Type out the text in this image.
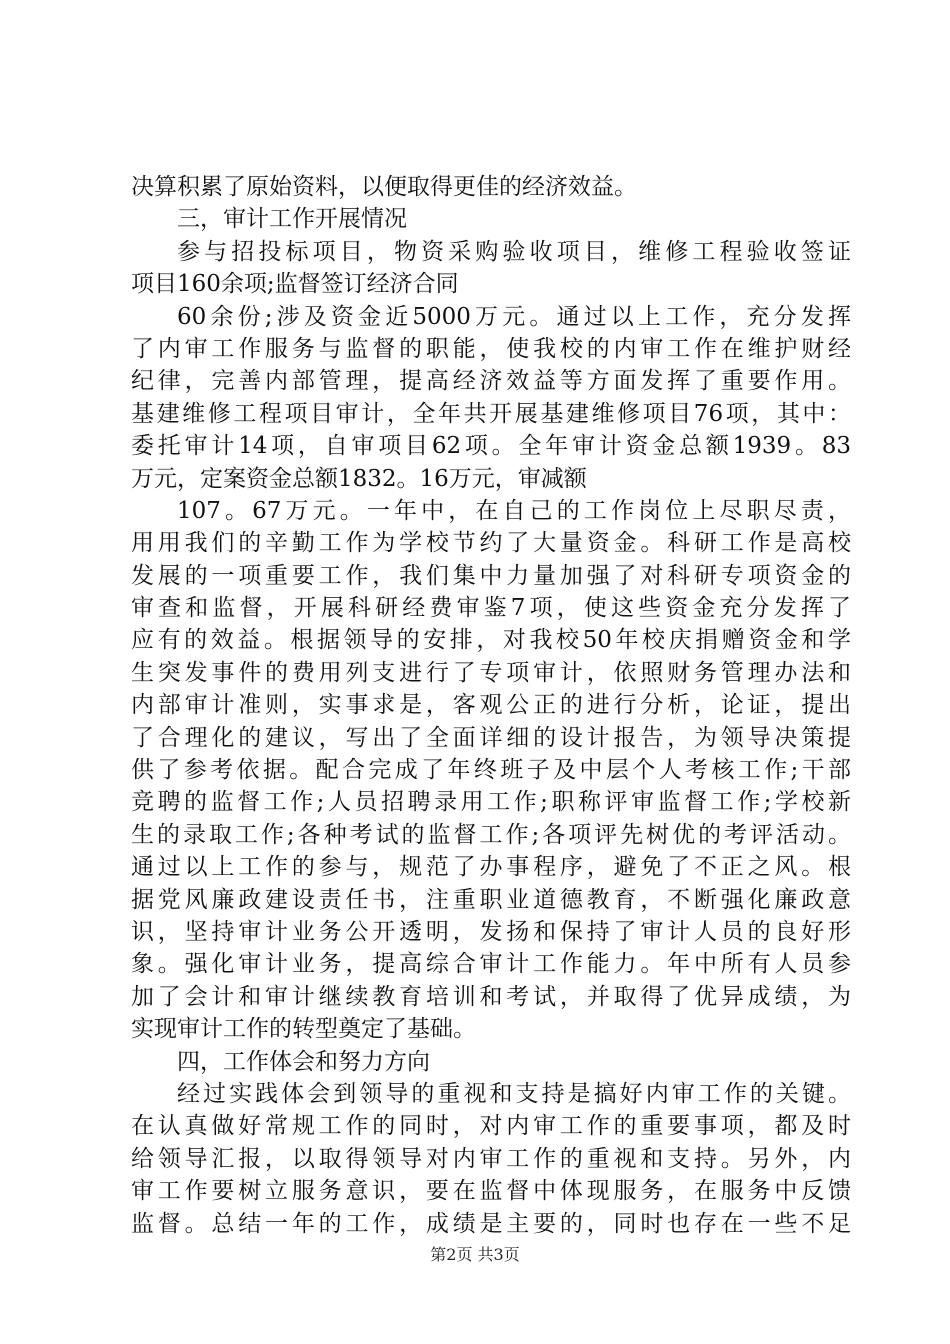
决算积累了原始资料，以便取得更佳的经济效益。
三，审计工作开展情况
参与招投标项目，物资采购验收项目，维修工程验收签证
项目160余项;监督签订经济合同
60余份;涉及资金近5000万元。通过以上工作，充分发挥
了内审工作服务与监督的职能，使我校的内审工作在维护财经
纪律，完善内部管理，提高经济效益等方面发挥了重要作用。
基建维修工程项目审计，全年共开展基建维修项目76项，其中：
委托审计14项，自审项目62项。全年审计资金总额1939。83
万元，定案资金总额1832。16万元，审减额
107。67万元。一年中，在自己的工作岗位上尽职尽责，
用用我们的辛勤工作为学校节约了大量资金。科研工作是高校
发展的一项重要工作，我们集中力量加强了对科研专项资金的
审查和监督，开展科研经费审鉴7项，使这些资金充分发挥了
应有的效益。根据领导的安排，对我校50年校庆捐赠资金和学
生突发事件的费用列支进行了专项审计，依照财务管理办法和
内部审计准则，实事求是，客观公正的进行分析，论证，提出
了合理化的建议，写出了全面详细的设计报告，为领导决策提
供了参考依据。配合完成了年终班子及中层个人考核工作;干部
竞聘的监督工作;人员招聘录用工作;职称评审监督工作;学校新
生的录取工作;各种考试的监督工作;各项评先树优的考评活动。
通过以上工作的参与，规范了办事程序，避免了不正之风。根
据党风廉政建设责任书，注重职业道德教育，不断强化廉政意
识，坚持审计业务公开透明，发扬和保持了审计人员的良好形
象。强化审计业务，提高综合审计工作能力。年中所有人员参
加了会计和审计继续教育培训和考试，并取得了优异成绩，为
实现审计工作的转型奠定了基础。
四，工作体会和努力方向
经过实践体会到领导的重视和支持是搞好内审工作的关键。
在认真做好常规工作的同时，对内审工作的重要事项，都及时
给领导汇报，以取得领导对内审工作的重视和支持。另外，内
审工作要树立服务意识，要在监督中体现服务，在服务中反馈
监督。总结一年的工作，成绩是主要的，同时也存在一些不足
第2页 共3页
